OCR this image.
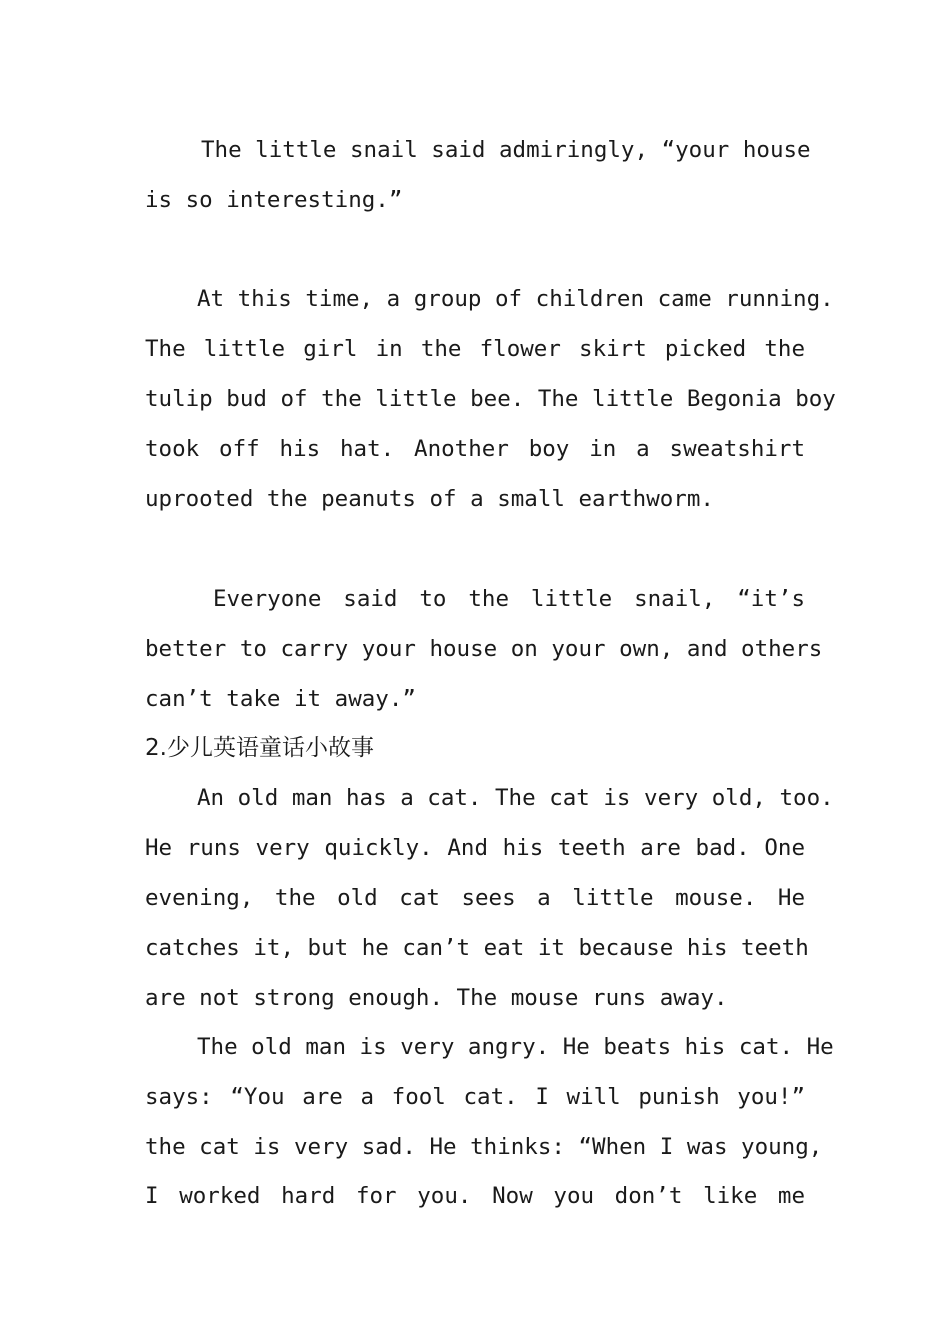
The little snail said admiringly, “your house
is so interesting.”
At this time, a group of children came running.
The little girl in the flower skirt picked the
tulip bud of the little bee. The little Begonia boy
took off his hat. Another boy in a sweatshirt
uprooted the peanuts of a small earthworm.
Everyone said to the little snail, “it’s
better to carry your house on your own, and others
can’t take it away.”
2.少儿英语童话小故事
An old man has a cat. The cat is very old, too.
He runs very quickly. And his teeth are bad. One
evening, the old cat sees a little mouse. He
catches it, but he can’t eat it because his teeth
are not strong enough. The mouse runs away.
The old man is very angry. He beats his cat. He
says: “You are a fool cat. I will punish you!”
the cat is very sad. He thinks: “When I was young,
I worked hard for you. Now you don’t like me
